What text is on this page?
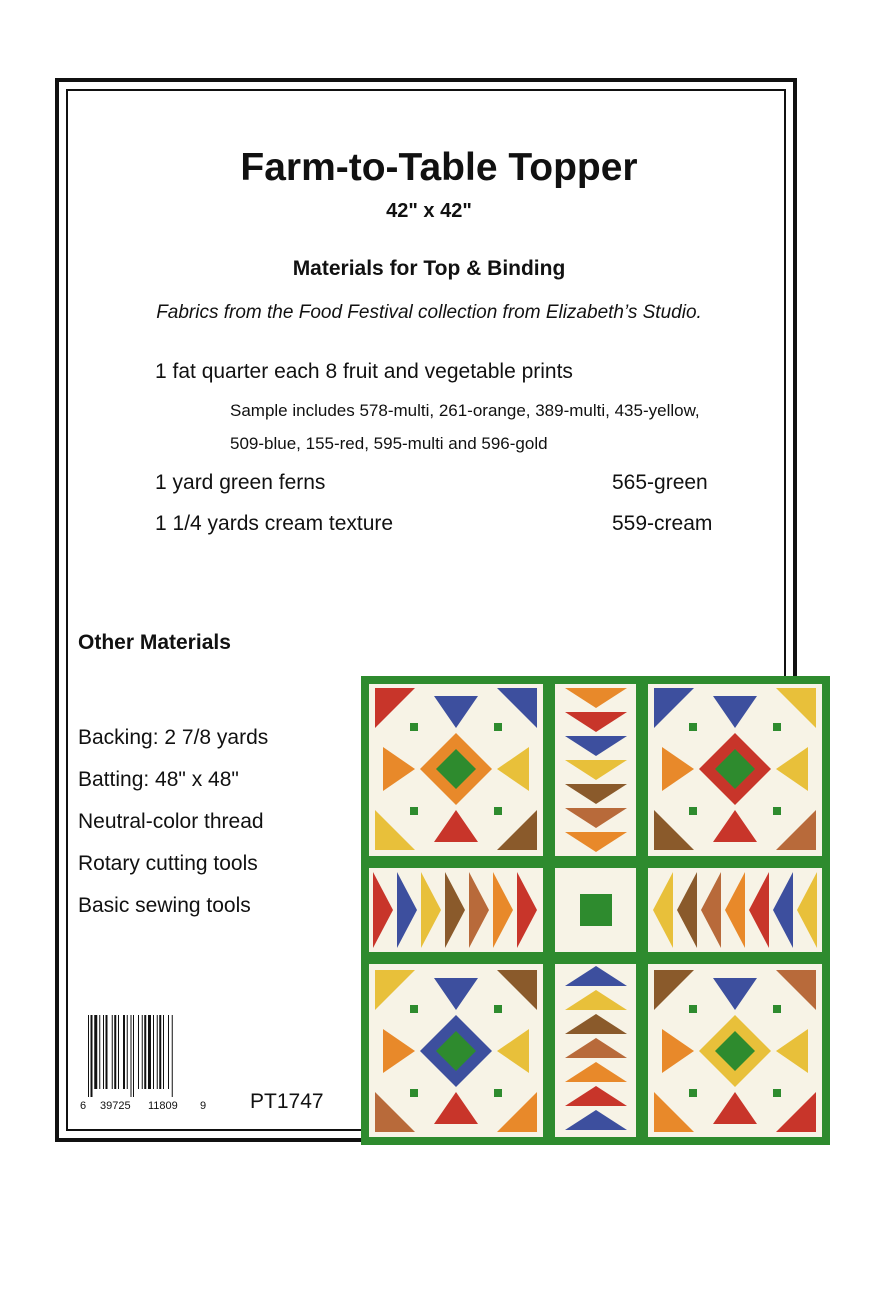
Farm-to-Table Topper
42" x 42"
Materials for Top & Binding
Fabrics from the Food Festival collection from Elizabeth’s Studio.
1 fat quarter each 8 fruit and vegetable prints
Sample includes 578-multi, 261-orange, 389-multi, 435-yellow,
509-blue, 155-red, 595-multi and 596-gold
1 yard green ferns	565-green
1 1/4 yards cream texture	559-cream
Other Materials
Backing: 2 7/8 yards
Batting: 48" x 48"
Neutral-color thread
Rotary cutting tools
Basic sewing tools
6 39725 11809 9 PT1747
